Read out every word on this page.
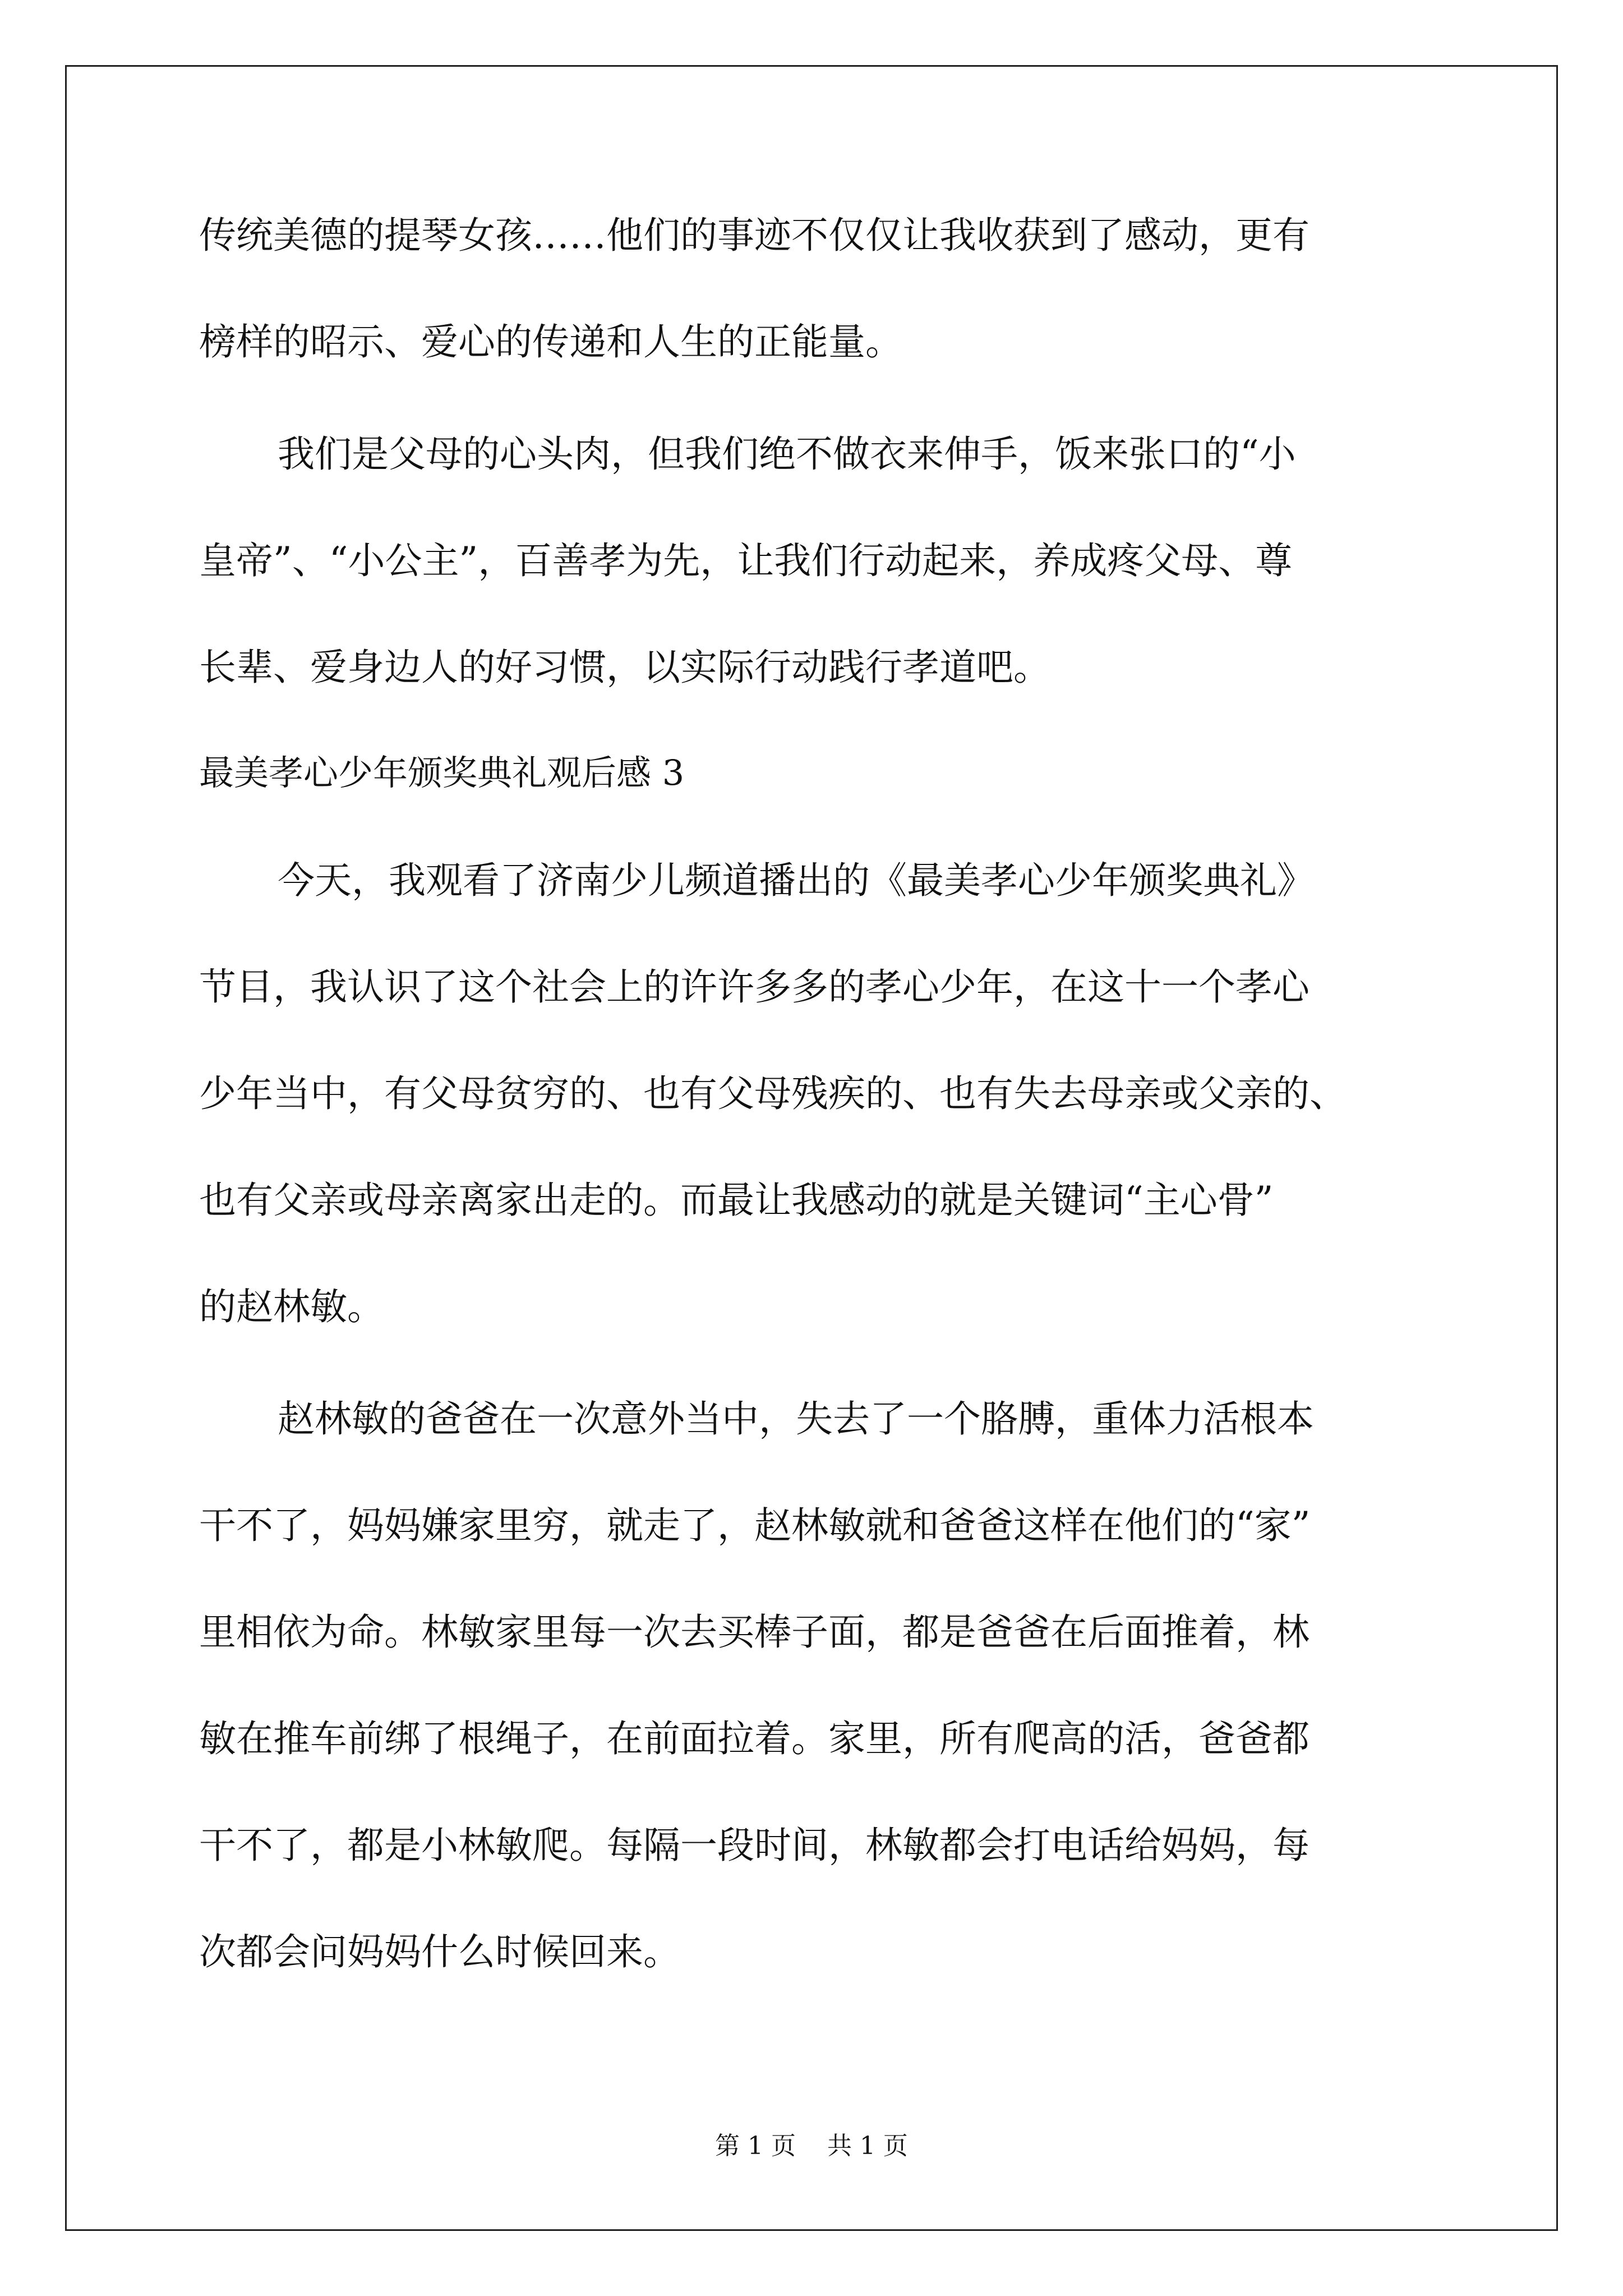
传统美德的提琴女孩……他们的事迹不仅仅让我收获到了感动，更有
榜样的昭示、爱心的传递和人生的正能量。
我们是父母的心头肉，但我们绝不做衣来伸手，饭来张口的“小
皇帝”、“小公主”，百善孝为先，让我们行动起来，养成疼父母、尊
长辈、爱身边人的好习惯，以实际行动践行孝道吧。
最美孝心少年颁奖典礼观后感 3
今天，我观看了济南少儿频道播出的《最美孝心少年颁奖典礼》
节目，我认识了这个社会上的许许多多的孝心少年，在这十一个孝心
少年当中，有父母贫穷的、也有父母残疾的、也有失去母亲或父亲的、
也有父亲或母亲离家出走的。而最让我感动的就是关键词“主心骨”
的赵林敏。
赵林敏的爸爸在一次意外当中，失去了一个胳膊，重体力活根本
干不了，妈妈嫌家里穷，就走了，赵林敏就和爸爸这样在他们的“家”
里相依为命。林敏家里每一次去买棒子面，都是爸爸在后面推着，林
敏在推车前绑了根绳子，在前面拉着。家里，所有爬高的活，爸爸都
干不了，都是小林敏爬。每隔一段时间，林敏都会打电话给妈妈，每
次都会问妈妈什么时候回来。
第 1 页 共 1 页
